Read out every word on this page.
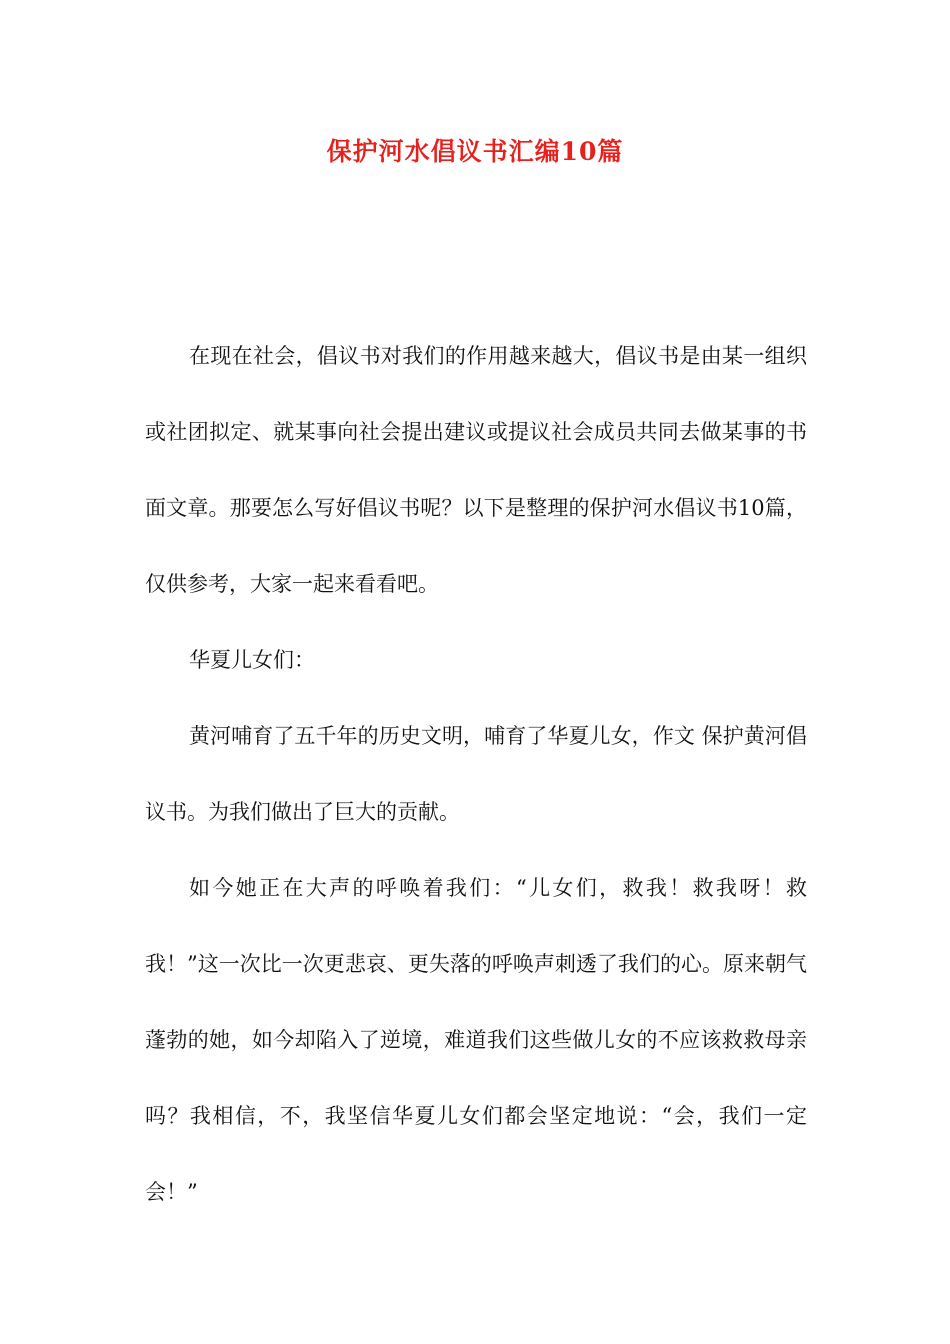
保护河水倡议书汇编10篇

在现在社会，倡议书对我们的作用越来越大，倡议书是由某一组织或社团拟定、就某事向社会提出建议或提议社会成员共同去做某事的书面文章。那要怎么写好倡议书呢？以下是整理的保护河水倡议书10篇，仅供参考，大家一起来看看吧。

华夏儿女们：

黄河哺育了五千年的历史文明，哺育了华夏儿女，作文 保护黄河倡议书。为我们做出了巨大的贡献。

如今她正在大声的呼唤着我们：“儿女们，救我！救我呀！救我！”这一次比一次更悲哀、更失落的呼唤声刺透了我们的心。原来朝气蓬勃的她，如今却陷入了逆境，难道我们这些做儿女的不应该救救母亲吗？我相信，不，我坚信华夏儿女们都会坚定地说：“会，我们一定会！”
